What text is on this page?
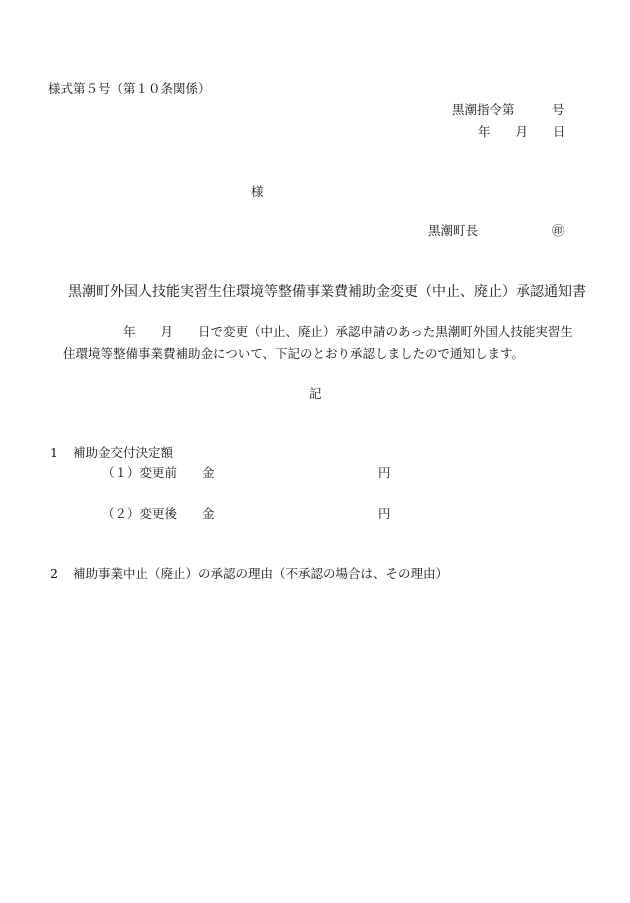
様式第５号（第１０条関係）
黒潮指令第　　　号
年　　月　　日
様
黒潮町長	㊞
黒潮町外国人技能実習生住環境等整備事業費補助金変更（中止、廃止）承認通知書
　　　　年　　月　　日で変更（中止、廃止）承認申請のあった黒潮町外国人技能実習生
住環境等整備事業費補助金について、下記のとおり承認しましたので通知します。
記
1 補助金交付決定額
（１）変更前 金	円
（２）変更後 金	円
2 補助事業中止（廃止）の承認の理由（不承認の場合は、その理由）
